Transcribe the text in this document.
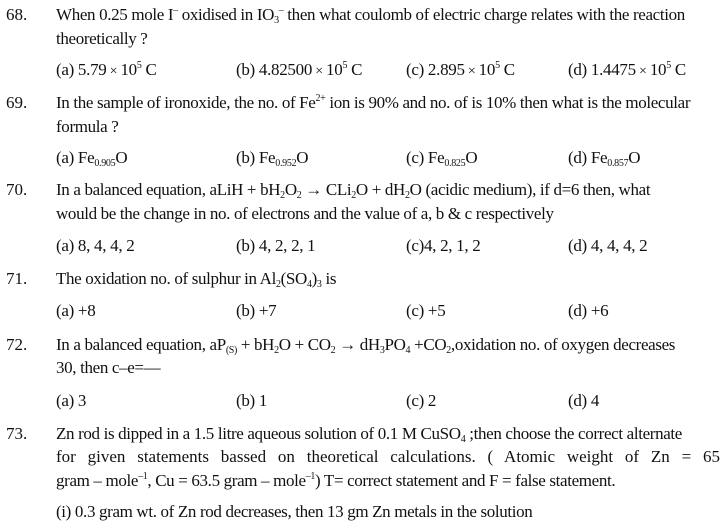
68. When 0.25 mole I– oxidised in $IO_3^-$ then what coulomb of electric charge relates with the reaction
theoretically ?
(a) $5.79 \times 10^5$ C	(b) $4.82500 \times 10^5$ C	(c) $2.895 \times 10^5$ C	(d) $1.4475 \times 10^5$ C
69. In the sample of ironoxide, the no. of $Fe^{2+}$ ion is 90% and no. of is 10% then what is the molecular
formula ?
(a) $Fe_{0.905}O$	(b) $Fe_{0.952}O$	(c) $Fe_{0.825}O$	(d) $Fe_{0.857}O$
70. In a balanced equation, aLiH + $bH_2O_2 \to CLi_2O + dH_2O$ (acidic medium), if d=6 then, what
would be the change in no. of electrons and the value of a, b & c respectively
(a) 8, 4, 4, 2	(b) 4, 2, 2, 1	(c)4, 2, 1, 2	(d) 4, 4, 4, 2
71. The oxidation no. of sulphur in $Al_2(SO_4)_3$ is
(a) +8	(b) +7	(c) +5	(d) +6
72. In a balanced equation, $aP_{(S)} + bH_2O + CO_2 \to dH_3PO_4$ $+CO_2,oxidation$ no. of oxygen decreases
30, then c–e=—
(a) 3	(b) 1	(c) 2	(d) 4
73. Zn rod is dipped in a 1.5 litre aqueous solution of 0.1 M CuSO$_4$ ;then choose the correct alternate
for given statements bassed on theoretical calculations. ( Atomic weight of Zn = 65
gram – mole$^{-1}$, Cu = 63.5 gram – mole$^{-1}$) T= correct statement and F = false statement.
(i) 0.3 gram wt. of Zn rod decreases, then 13 gm Zn metals in the solution
